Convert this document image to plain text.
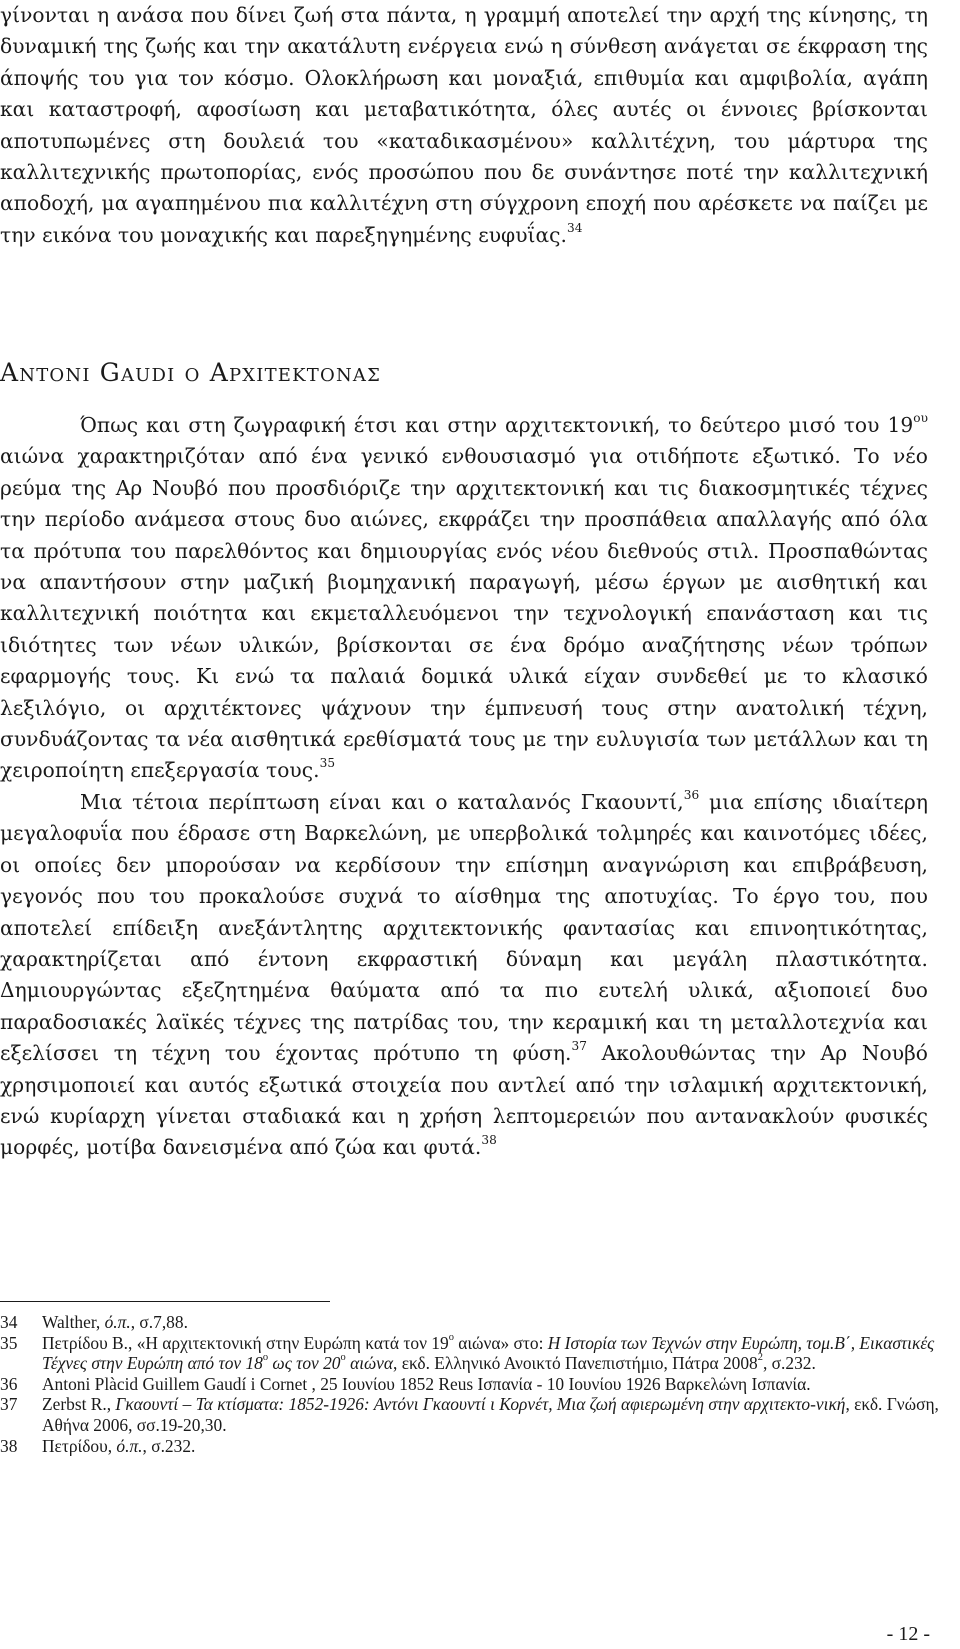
γίνονται η ανάσα που δίνει ζωή στα πάντα, η γραμμή αποτελεί την αρχή της κίνησης, τη δυναμική της ζωής και την ακατάλυτη ενέργεια ενώ η σύνθεση ανάγεται σε έκφραση της άποψής του για τον κόσμο. Ολοκλήρωση και μοναξιά, επιθυμία και αμφιβολία, αγάπη και καταστροφή, αφοσίωση και μεταβατικότητα, όλες αυτές οι έννοιες βρίσκονται αποτυπωμένες στη δουλειά του «καταδικασμένου» καλλιτέχνη, του μάρτυρα της καλλιτεχνικής πρωτοπορίας, ενός προσώπου που δε συνάντησε ποτέ την καλλιτεχνική αποδοχή, μα αγαπημένου πια καλλιτέχνη στη σύγχρονη εποχή που αρέσκετε να παίζει με την εικόνα του μοναχικής και παρεξηγημένης ευφυΐας.$^{34}$

Antoni Gaudi ο Αρχιτεκτονας

Όπως και στη ζωγραφική έτσι και στην αρχιτεκτονική, το δεύτερο μισό του $19^{o\upsilon}$ αιώνα χαρακτηριζόταν από ένα γενικό ενθουσιασμό για οτιδήποτε εξωτικό. Το νέο ρεύμα της Αρ Νουβό που προσδιόριζε την αρχιτεκτονική και τις διακοσμητικές τέχνες την περίοδο ανάμεσα στους δυο αιώνες, εκφράζει την προσπάθεια απαλλαγής από όλα τα πρότυπα του παρελθόντος και δημιουργίας ενός νέου διεθνούς στιλ. Προσπαθώντας να απαντήσουν στην μαζική βιομηχανική παραγωγή, μέσω έργων με αισθητική και καλλιτεχνική ποιότητα και εκμεταλλευόμενοι την τεχνολογική επανάσταση και τις ιδιότητες των νέων υλικών, βρίσκονται σε ένα δρόμο αναζήτησης νέων τρόπων εφαρμογής τους. Κι ενώ τα παλαιά δομικά υλικά είχαν συνδεθεί με το κλασικό λεξιλόγιο, οι αρχιτέκτονες ψάχνουν την έμπνευσή τους στην ανατολική τέχνη, συνδυάζοντας τα νέα αισθητικά ερεθίσματά τους με την ευλυγισία των μετάλλων και τη χειροποίητη επεξεργασία τους.$^{35}$

Μια τέτοια περίπτωση είναι και ο καταλανός Γκαουντί,$^{36}$ μια επίσης ιδιαίτερη μεγαλοφυΐα που έδρασε στη Βαρκελώνη, με υπερβολικά τολμηρές και καινοτόμες ιδέες, οι οποίες δεν μπορούσαν να κερδίσουν την επίσημη αναγνώριση και επιβράβευση, γεγονός που του προκαλούσε συχνά το αίσθημα της αποτυχίας. Το έργο του, που αποτελεί επίδειξη ανεξάντλητης αρχιτεκτονικής φαντασίας και επινοητικότητας, χαρακτηρίζεται από έντονη εκφραστική δύναμη και μεγάλη πλαστικότητα. Δημιουργώντας εξεζητημένα θαύματα από τα πιο ευτελή υλικά, αξιοποιεί δυο παραδοσιακές λαϊκές τέχνες της πατρίδας του, την κεραμική και τη μεταλλοτεχνία και εξελίσσει τη τέχνη του έχοντας πρότυπο τη φύση.$^{37}$ Ακολουθώντας την Αρ Νουβό χρησιμοποιεί και αυτός εξωτικά στοιχεία που αντλεί από την ισλαμική αρχιτεκτονική, ενώ κυρίαρχη γίνεται σταδιακά και η χρήση λεπτομερειών που αντανακλούν φυσικές μορφές, μοτίβα δανεισμένα από ζώα και φυτά.$^{38}$

34	Walther, ό.π., σ.7,88.
35	Πετρίδου Β., «Η αρχιτεκτονική στην Ευρώπη κατά τον $19^o$ αιώνα» στο: Η Ιστορία των Τεχνών στην Ευρώπη, τομ.Β΄, Εικαστικές Τέχνες στην Ευρώπη από τον $18^o$ ως τον $20^o$ αιώνα, εκδ. Ελληνικό Ανοικτό Πανεπιστήμιο, Πάτρα 2008$^2$, σ.232.
36	Antoni Plàcid Guillem Gaudí i Cornet , 25 Ιουνίου 1852 Reus Ισπανία - 10 Ιουνίου 1926 Βαρκελώνη Ισπανία.
37	Zerbst R., Γκαουντί – Τα κτίσματα: 1852-1926: Αντόνι Γκαουντί ι Κορνέτ, Μια ζωή αφιερωμένη στην αρχιτεκτο-νική, εκδ. Γνώση, Αθήνα 2006, σσ.19-20,30.
38	Πετρίδου, ό.π., σ.232.
- 12 -
